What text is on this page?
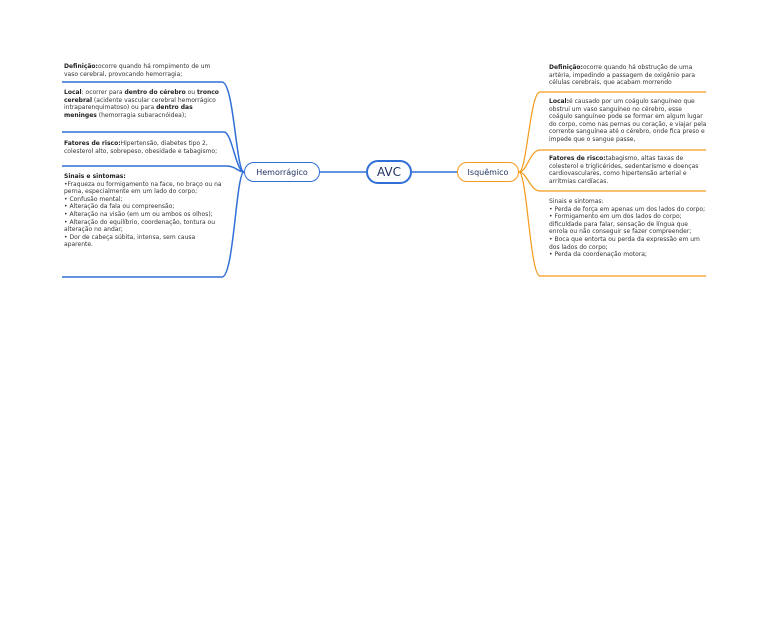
AVC
Hemorrágico	Isquêmico
Definição:ocorre quando há rompimento de um vaso cerebral, provocando hemorragia;
Local: ocorrer para dentro do cérebro ou tronco cerebral (acidente vascular cerebral hemorrágico intraparenquimatoso) ou para dentro das meninges (hemorragia subaracnóidea);
Fatores de risco:Hipertensão, diabetes tipo 2, colesterol alto, sobrepeso, obesidade e tabagismo;
Sinais e sintomas:
•Fraqueza ou formigamento na face, no braço ou na perna, especialmente em um lado do corpo;
• Confusão mental;
• Alteração da fala ou compreensão;
• Alteração na visão (em um ou ambos os olhos);
• Alteração do equilíbrio, coordenação, tontura ou alteração no andar;
• Dor de cabeça súbita, intensa, sem causa aparente.
Definição:ocorre quando há obstrução de uma artéria, impedindo a passagem de oxigênio para células cerebrais, que acabam morrendo
Local:é causado por um coágulo sanguíneo que obstrui um vaso sanguíneo no cérebro, esse coágulo sanguíneo pode se formar em algum lugar do corpo, como nas pernas ou coração, e viajar pela corrente sanguínea até o cérebro, onde fica preso e impede que o sangue passe,
Fatores de risco:tabagismo, altas taxas de colesterol e triglicérides, sedentarismo e doenças cardiovasculares, como hipertensão arterial e arritmias cardíacas.
Sinais e sintomas:
• Perda de força em apenas um dos lados do corpo;
• Formigamento em um dos lados do corpo; dificuldade para falar, sensação de língua que enrola ou não conseguir se fazer compreender;
• Boca que entorta ou perda da expressão em um dos lados do corpo;
• Perda da coordenação motora;
